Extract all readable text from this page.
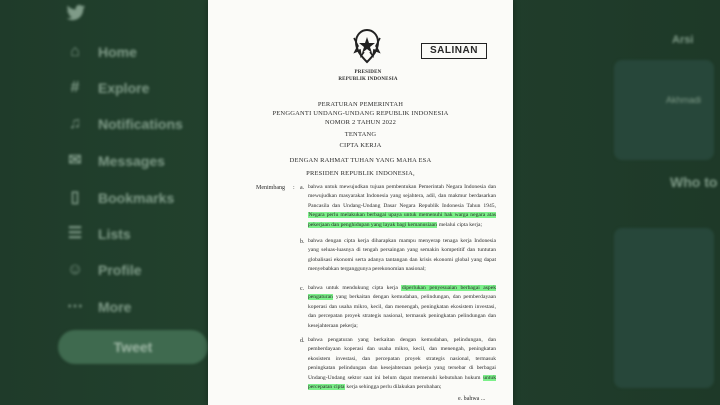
⌂ Home
#	Explore
♫ Notifications
✉ Messages
▯	Bookmarks
☰ Lists
☺ Profile
⋯ More
Tweet
Arsi
Who to
Akhmadi
PRESIDEN
REPUBLIK INDONESIA
SALINAN
PERATURAN PEMERINTAH
PENGGANTI UNDANG-UNDANG REPUBLIK INDONESIA
NOMOR 2 TAHUN 2022
TENTANG
CIPTA KERJA
DENGAN RAHMAT TUHAN YANG MAHA ESA
PRESIDEN REPUBLIK INDONESIA,
Menimbang : a. bahwa untuk mewujudkan tujuan pembentukan Pemerintah Negara Indonesia dan mewujudkan masyarakat Indonesia yang sejahtera, adil, dan makmur berdasarkan Pancasila dan Undang-Undang Dasar Negara Republik Indonesia Tahun 1945, Negara perlu melakukan berbagai upaya untuk memenuhi hak warga negara atas pekerjaan dan penghidupan yang layak bagi kemanusiaan melalui cipta kerja;
b. bahwa dengan cipta kerja diharapkan mampu menyerap tenaga kerja Indonesia yang seluas-luasnya di tengah persaingan yang semakin kompetitif dan tuntutan globalisasi ekonomi serta adanya tantangan dan krisis ekonomi global yang dapat menyebabkan terganggunya perekonomian nasional;
c. bahwa untuk mendukung cipta kerja diperlukan penyesuaian berbagai aspek pengaturan yang berkaitan dengan kemudahan, pelindungan, dan pemberdayaan koperasi dan usaha mikro, kecil, dan menengah, peningkatan ekosistem investasi, dan percepatan proyek strategis nasional, termasuk peningkatan pelindungan dan kesejahteraan pekerja;
d. bahwa pengaturan yang berkaitan dengan kemudahan, pelindungan, dan pemberdayaan koperasi dan usaha mikro, kecil, dan menengah, peningkatan ekosistem investasi, dan percepatan proyek strategis nasional, termasuk peningkatan pelindungan dan kesejahteraan pekerja yang tersebar di berbagai Undang-Undang sektor saat ini belum dapat memenuhi kebutuhan hukum untuk percepatan cipta kerja sehingga perlu dilakukan perubahan;
e. bahwa ...
